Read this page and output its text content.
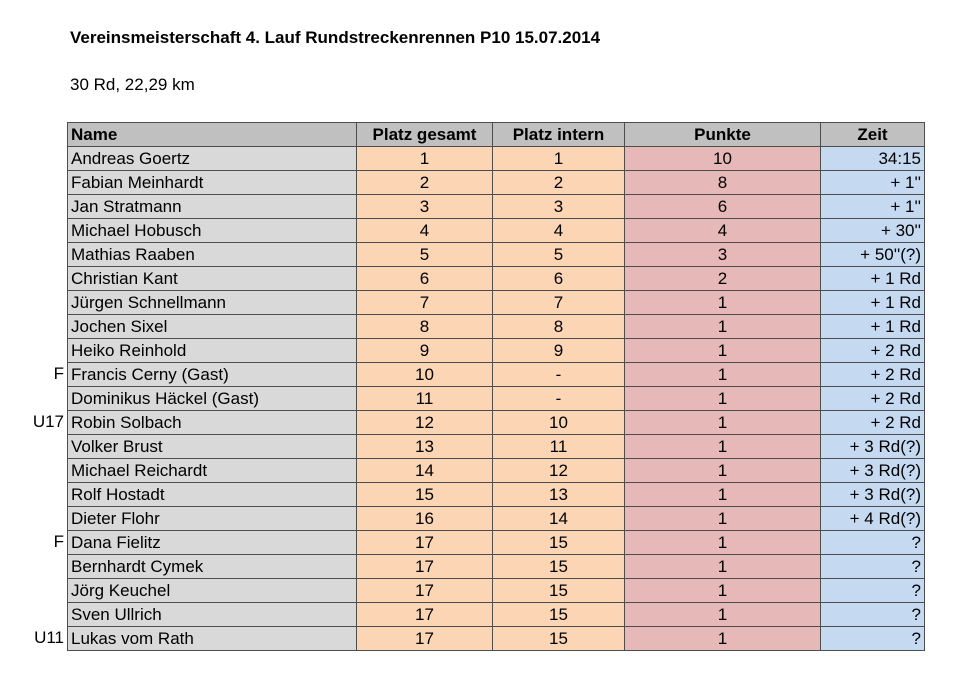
Vereinsmeisterschaft 4. Lauf Rundstreckenrennen P10 15.07.2014
30 Rd, 22,29 km
Name	Platz gesamt	Platz intern	Punkte	Zeit
Andreas Goertz	1	1	10	34:15
Fabian Meinhardt	2	2	8	+ 1''
Jan Stratmann	3	3	6	+ 1''
Michael Hobusch	4	4	4	+ 30''
Mathias Raaben	5	5	3	+ 50''(?)
Christian Kant	6	6	2	+ 1 Rd
Jürgen Schnellmann	7	7	1	+ 1 Rd
Jochen Sixel	8	8	1	+ 1 Rd
Heiko Reinhold	9	9	1	+ 2 Rd

F Francis Cerny (Gast)	10	-	1	+ 2 Rd
Dominikus Häckel (Gast)	11	-	1	+ 2 Rd

U17 Robin Solbach	12	10	1	+ 2 Rd
Volker Brust	13	11	1	+ 3 Rd(?)
Michael Reichardt	14	12	1	+ 3 Rd(?)
Rolf Hostadt	15	13	1	+ 3 Rd(?)
Dieter Flohr	16	14	1	+ 4 Rd(?)

F Dana Fielitz	17	15	1	?
Bernhardt Cymek	17	15	1	?
Jörg Keuchel	17	15	1	?
Sven Ullrich	17	15	1	?

U11 Lukas vom Rath	17	15	1	?
